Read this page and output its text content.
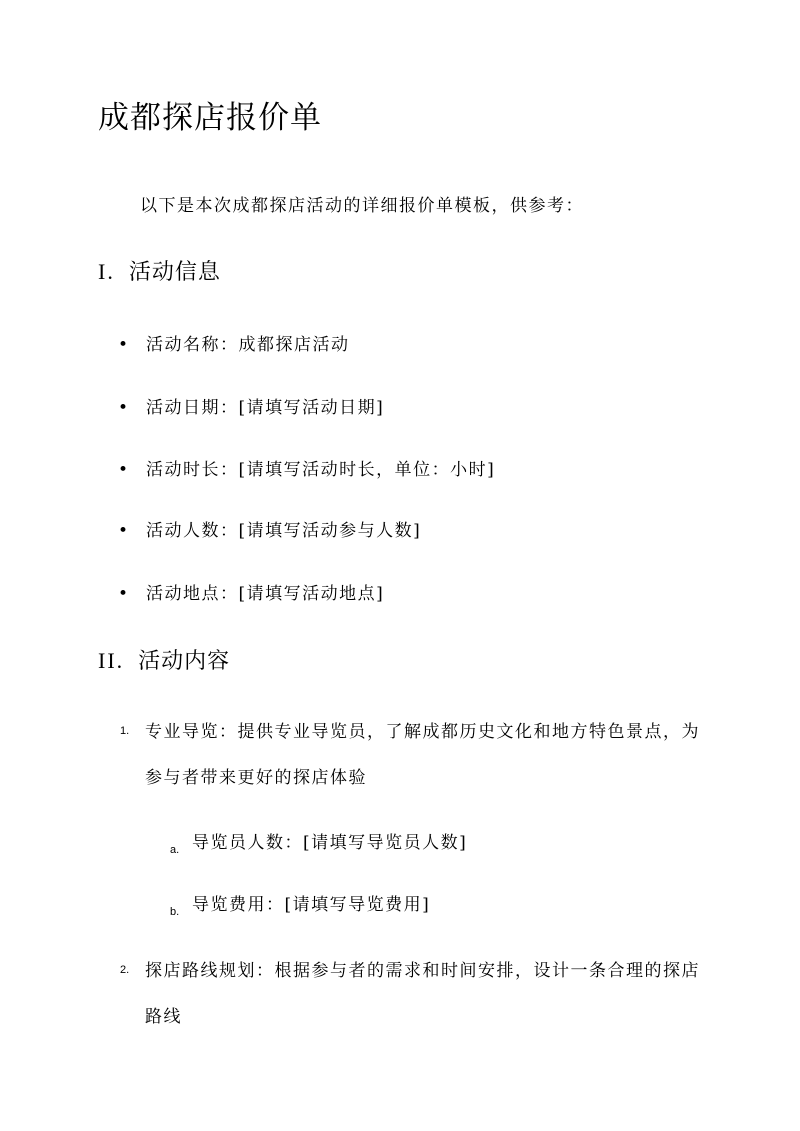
成都探店报价单

以下是本次成都探店活动的详细报价单模板，供参考：

I. 活动信息
• 活动名称：成都探店活动
• 活动日期：[请填写活动日期]
• 活动时长：[请填写活动时长，单位：小时]
• 活动人数：[请填写活动参与人数]
• 活动地点：[请填写活动地点]
II. 活动内容
1. 专业导览：提供专业导览员，了解成都历史文化和地方特色景点，为参与者带来更好的探店体验
a. 导览员人数：[请填写导览员人数]
b. 导览费用：[请填写导览费用]
2. 探店路线规划：根据参与者的需求和时间安排，设计一条合理的探店路线
